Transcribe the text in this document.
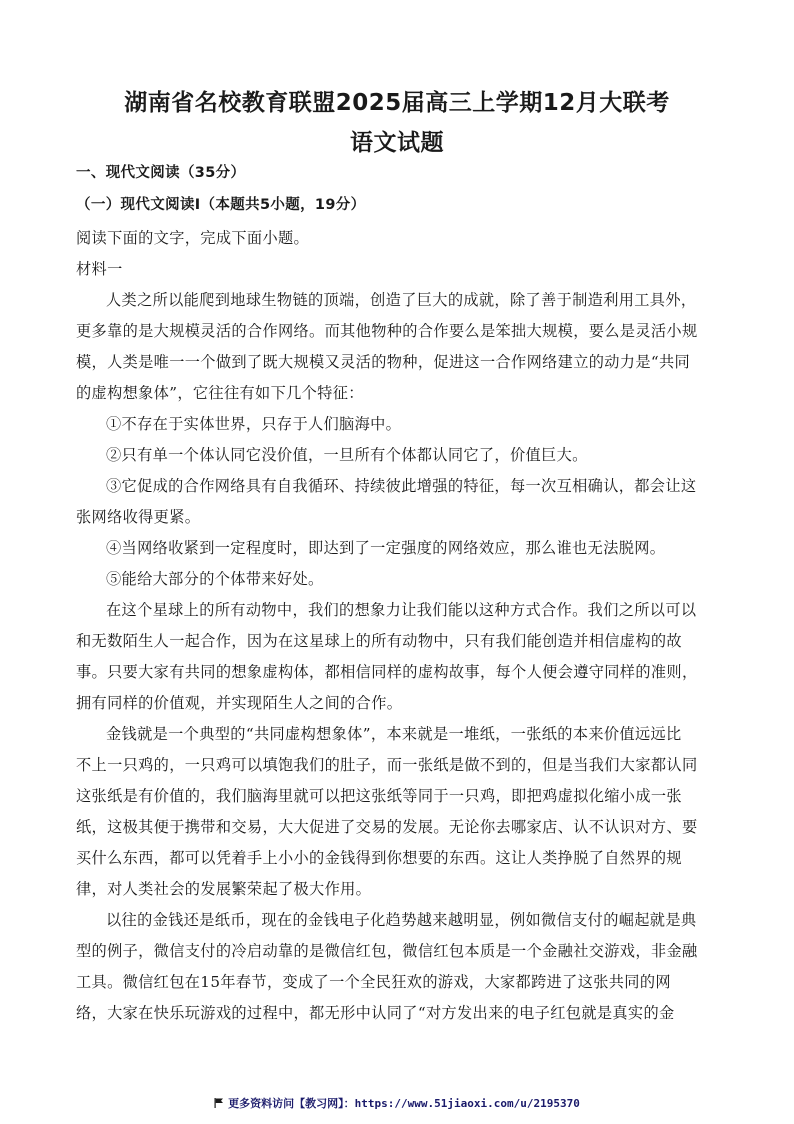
湖南省名校教育联盟2025届高三上学期12月大联考
语文试题
一、现代文阅读（35分）
（一）现代文阅读Ⅰ（本题共5小题，19分）
阅读下面的文字，完成下面小题。
材料一
人类之所以能爬到地球生物链的顶端，创造了巨大的成就，除了善于制造利用工具外，
更多靠的是大规模灵活的合作网络。而其他物种的合作要么是笨拙大规模，要么是灵活小规
模，人类是唯一一个做到了既大规模又灵活的物种，促进这一合作网络建立的动力是“共同
的虚构想象体”，它往往有如下几个特征：
①不存在于实体世界，只存于人们脑海中。
②只有单一个体认同它没价值，一旦所有个体都认同它了，价值巨大。
③它促成的合作网络具有自我循环、持续彼此增强的特征，每一次互相确认，都会让这
张网络收得更紧。
④当网络收紧到一定程度时，即达到了一定强度的网络效应，那么谁也无法脱网。
⑤能给大部分的个体带来好处。
在这个星球上的所有动物中，我们的想象力让我们能以这种方式合作。我们之所以可以
和无数陌生人一起合作，因为在这星球上的所有动物中，只有我们能创造并相信虚构的故
事。只要大家有共同的想象虚构体，都相信同样的虚构故事，每个人便会遵守同样的准则，
拥有同样的价值观，并实现陌生人之间的合作。
金钱就是一个典型的“共同虚构想象体”，本来就是一堆纸，一张纸的本来价值远远比
不上一只鸡的，一只鸡可以填饱我们的肚子，而一张纸是做不到的，但是当我们大家都认同
这张纸是有价值的，我们脑海里就可以把这张纸等同于一只鸡，即把鸡虚拟化缩小成一张
纸，这极其便于携带和交易，大大促进了交易的发展。无论你去哪家店、认不认识对方、要
买什么东西，都可以凭着手上小小的金钱得到你想要的东西。这让人类挣脱了自然界的规
律，对人类社会的发展繁荣起了极大作用。
以往的金钱还是纸币，现在的金钱电子化趋势越来越明显，例如微信支付的崛起就是典
型的例子，微信支付的冷启动靠的是微信红包，微信红包本质是一个金融社交游戏，非金融
工具。微信红包在15年春节，变成了一个全民狂欢的游戏，大家都跨进了这张共同的网
络，大家在快乐玩游戏的过程中，都无形中认同了“对方发出来的电子红包就是真实的金
更多资料访问【教习网】：https://www.51jiaoxi.com/u/2195370
